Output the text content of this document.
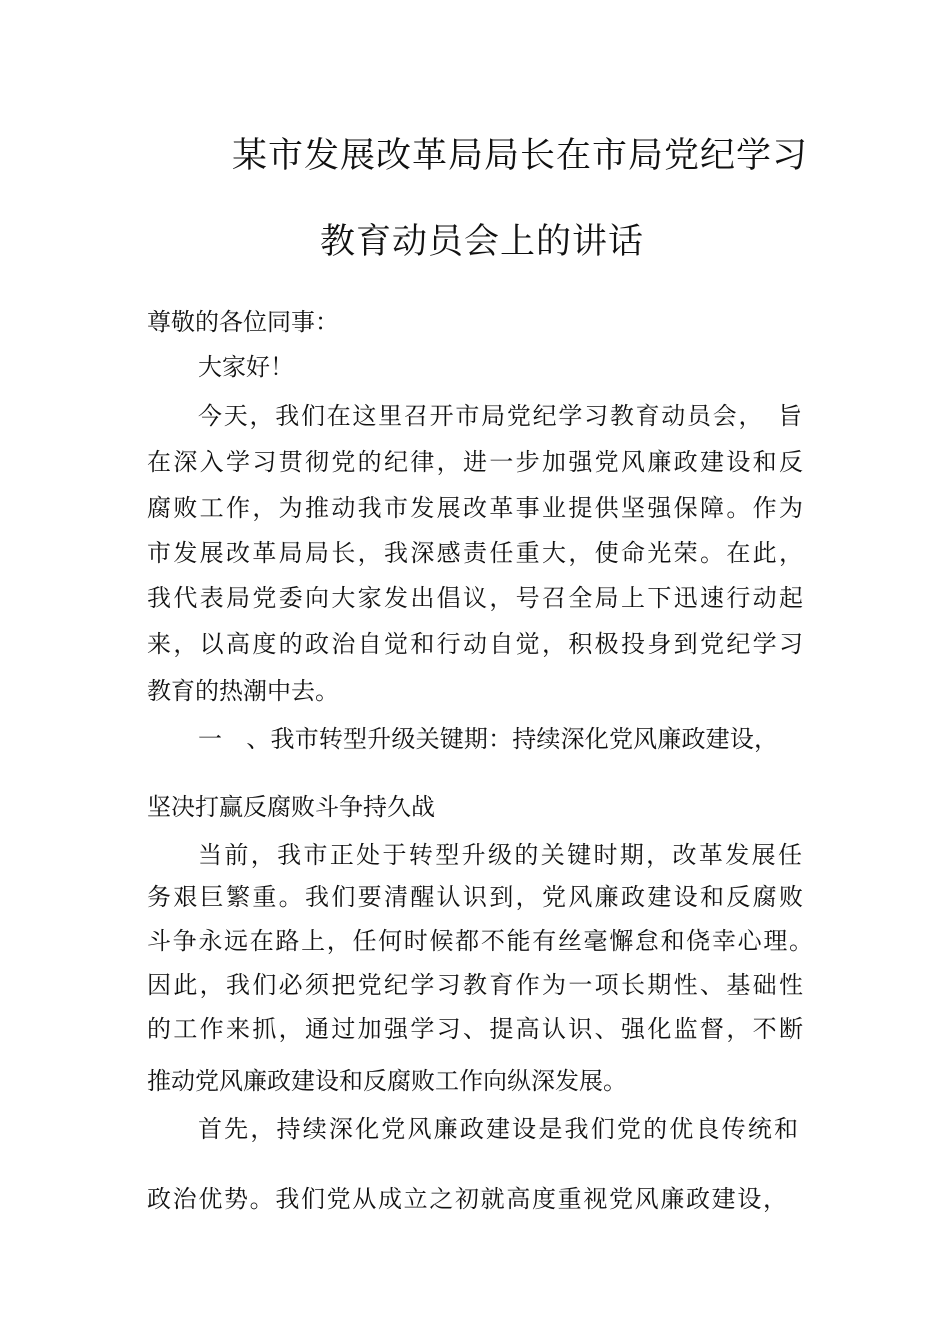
某市发展改革局局长在市局党纪学习
教育动员会上的讲话
尊敬的各位同事：
大家好！
今天，我们在这里召开市局党纪学习教育动员会，　旨
在深入学习贯彻党的纪律，进一步加强党风廉政建设和反
腐败工作，为推动我市发展改革事业提供坚强保障。作为
市发展改革局局长，我深感责任重大，使命光荣。在此，
我代表局党委向大家发出倡议，号召全局上下迅速行动起
来，以高度的政治自觉和行动自觉，积极投身到党纪学习
教育的热潮中去。
一　、我市转型升级关键期：持续深化党风廉政建设，
坚决打赢反腐败斗争持久战
当前，我市正处于转型升级的关键时期，改革发展任
务艰巨繁重。我们要清醒认识到，党风廉政建设和反腐败
斗争永远在路上，任何时候都不能有丝毫懈怠和侥幸心理。
因此，我们必须把党纪学习教育作为一项长期性、基础性
的工作来抓，通过加强学习、提高认识、强化监督，不断
推动党风廉政建设和反腐败工作向纵深发展。
首先，持续深化党风廉政建设是我们党的优良传统和
政治优势。我们党从成立之初就高度重视党风廉政建设，
